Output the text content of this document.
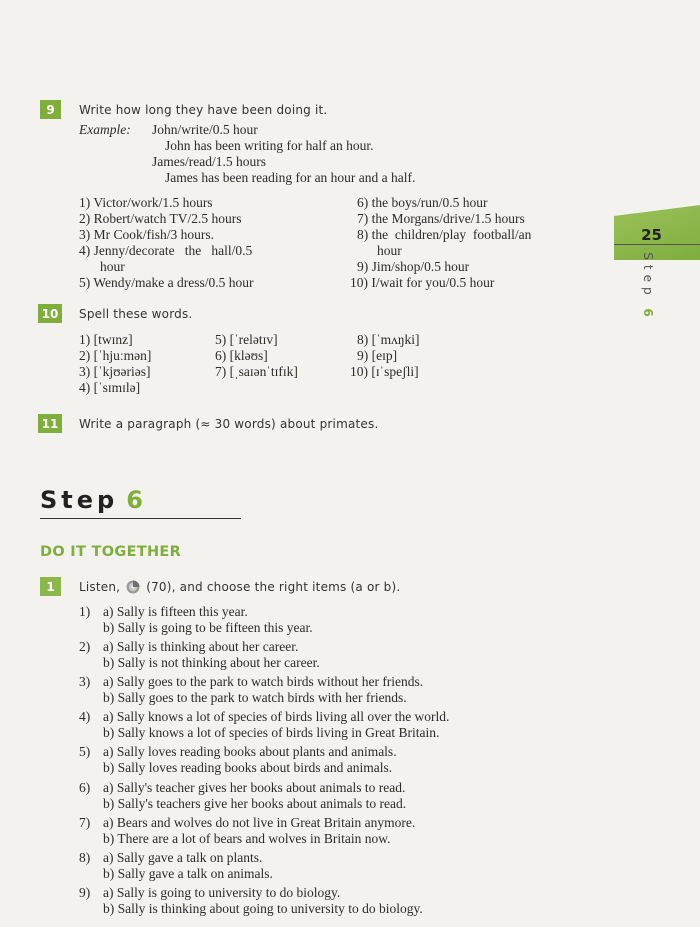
25
Step 6
9	Write how long they have been doing it.
Example: John/write/0.5 hour
John has been writing for half an hour.
James/read/1.5 hours
James has been reading for an hour and a half.
1) Victor/work/1.5 hours
2) Robert/watch TV/2.5 hours
3) Mr Cook/fish/3 hours.
4) Jenny/decorate   the   hall/0.5
hour
5) Wendy/make a dress/0.5 hour
6) the boys/run/0.5 hour
7) the Morgans/drive/1.5 hours
8) the  children/play  football/an
hour
9) Jim/shop/0.5 hour
10) I/wait for you/0.5 hour
10	Spell these words.
1) [twɪnz]
2) [ˈhjuːmən]
3) [ˈkjʊəriəs]
4) [ˈsɪmɪlə]
5) [ˈrelətɪv]
6) [kləʊs]
7) [ˌsaɪənˈtɪfɪk]
8) [ˈmʌŋki]
9) [eɪp]
10) [ɪˈspeʃli]
11	Write a paragraph (≈ 30 words) about primates.
Step 6
DO IT TOGETHER
1	Listen, (70), and choose the right items (a or b).
1) a) Sally is fifteen this year.
b) Sally is going to be fifteen this year.
2) a) Sally is thinking about her career.
b) Sally is not thinking about her career.
3) a) Sally goes to the park to watch birds without her friends.
b) Sally goes to the park to watch birds with her friends.
4) a) Sally knows a lot of species of birds living all over the world.
b) Sally knows a lot of species of birds living in Great Britain.
5) a) Sally loves reading books about plants and animals.
b) Sally loves reading books about birds and animals.
6) a) Sally's teacher gives her books about animals to read.
b) Sally's teachers give her books about animals to read.
7) a) Bears and wolves do not live in Great Britain anymore.
b) There are a lot of bears and wolves in Britain now.
8) a) Sally gave a talk on plants.
b) Sally gave a talk on animals.
9) a) Sally is going to university to do biology.
b) Sally is thinking about going to university to do biology.
